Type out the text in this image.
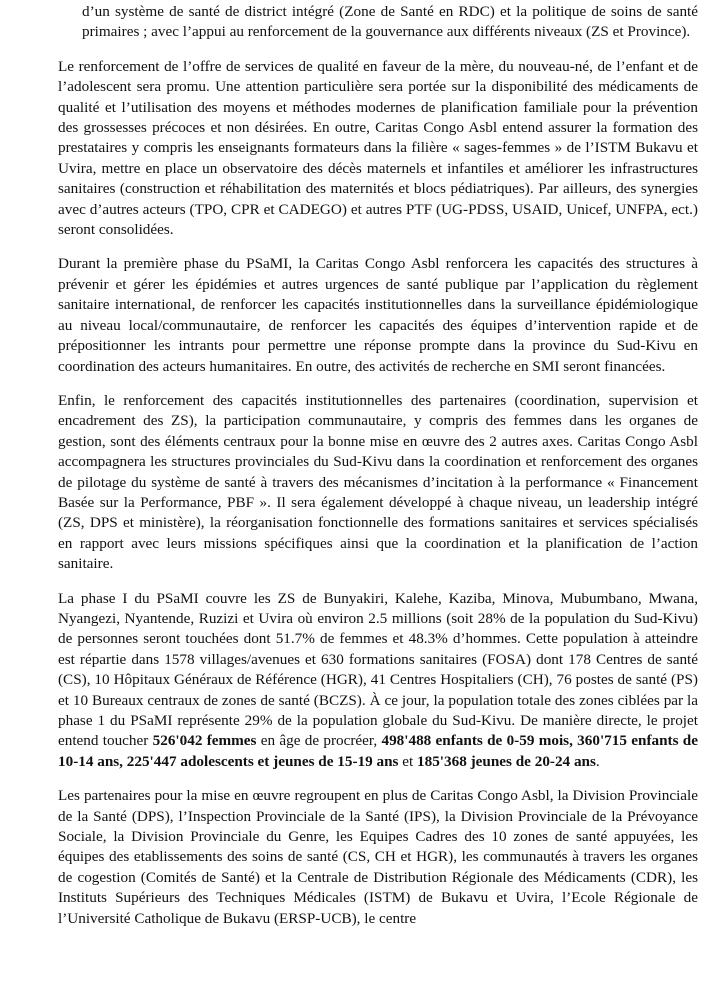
d’un système de santé de district intégré (Zone de Santé en RDC) et la politique de soins de santé primaires ; avec l’appui au renforcement de la gouvernance aux différents niveaux (ZS et Province).

Le renforcement de l’offre de services de qualité en faveur de la mère, du nouveau-né, de l’enfant et de l’adolescent sera promu. Une attention particulière sera portée sur la disponibilité des médicaments de qualité et l’utilisation des moyens et méthodes modernes de planification familiale pour la prévention des grossesses précoces et non désirées. En outre, Caritas Congo Asbl entend assurer la formation des prestataires y compris les enseignants formateurs dans la filière « sages-femmes » de l’ISTM Bukavu et Uvira, mettre en place un observatoire des décès maternels et infantiles et améliorer les infrastructures sanitaires (construction et réhabilitation des maternités et blocs pédiatriques). Par ailleurs, des synergies avec d’autres acteurs (TPO, CPR et CADEGO) et autres PTF (UG-PDSS, USAID, Unicef, UNFPA, ect.) seront consolidées.

Durant la première phase du PSaMI, la Caritas Congo Asbl renforcera les capacités des structures à prévenir et gérer les épidémies et autres urgences de santé publique par l’application du règlement sanitaire international, de renforcer les capacités institutionnelles dans la surveillance épidémiologique au niveau local/communautaire, de renforcer les capacités des équipes d’intervention rapide et de prépositionner les intrants pour permettre une réponse prompte dans la province du Sud-Kivu en coordination des acteurs humanitaires. En outre, des activités de recherche en SMI seront financées.

Enfin, le renforcement des capacités institutionnelles des partenaires (coordination, supervision et encadrement des ZS), la participation communautaire, y compris des femmes dans les organes de gestion, sont des éléments centraux pour la bonne mise en œuvre des 2 autres axes. Caritas Congo Asbl accompagnera les structures provinciales du Sud-Kivu dans la coordination et renforcement des organes de pilotage du système de santé à travers des mécanismes d’incitation à la performance « Financement Basée sur la Performance, PBF ». Il sera également développé à chaque niveau, un leadership intégré (ZS, DPS et ministère), la réorganisation fonctionnelle des formations sanitaires et services spécialisés en rapport avec leurs missions spécifiques ainsi que la coordination et la planification de l’action sanitaire.

La phase I du PSaMI couvre les ZS de Bunyakiri, Kalehe, Kaziba, Minova, Mubumbano, Mwana, Nyangezi, Nyantende, Ruzizi et Uvira où environ 2.5 millions (soit 28% de la population du Sud-Kivu) de personnes seront touchées dont 51.7% de femmes et 48.3% d’hommes. Cette population à atteindre est répartie dans 1578 villages/avenues et 630 formations sanitaires (FOSA) dont 178 Centres de santé (CS), 10 Hôpitaux Généraux de Référence (HGR), 41 Centres Hospitaliers (CH), 76 postes de santé (PS) et 10 Bureaux centraux de zones de santé (BCZS). À ce jour, la population totale des zones ciblées par la phase 1 du PSaMI représente 29% de la population globale du Sud-Kivu. De manière directe, le projet entend toucher 526'042 femmes en âge de procréer, 498'488 enfants de 0-59 mois, 360'715 enfants de 10-14 ans, 225'447 adolescents et jeunes de 15-19 ans et 185'368 jeunes de 20-24 ans.

Les partenaires pour la mise en œuvre regroupent en plus de Caritas Congo Asbl, la Division Provinciale de la Santé (DPS), l’Inspection Provinciale de la Santé (IPS), la Division Provinciale de la Prévoyance Sociale, la Division Provinciale du Genre, les Equipes Cadres des 10 zones de santé appuyées, les équipes des etablissements des soins de santé (CS, CH et HGR), les communautés à travers les organes de cogestion (Comités de Santé) et la Centrale de Distribution Régionale des Médicaments (CDR), les Instituts Supérieurs des Techniques Médicales (ISTM) de Bukavu et Uvira, l’Ecole Régionale de l’Université Catholique de Bukavu (ERSP-UCB), le centre
